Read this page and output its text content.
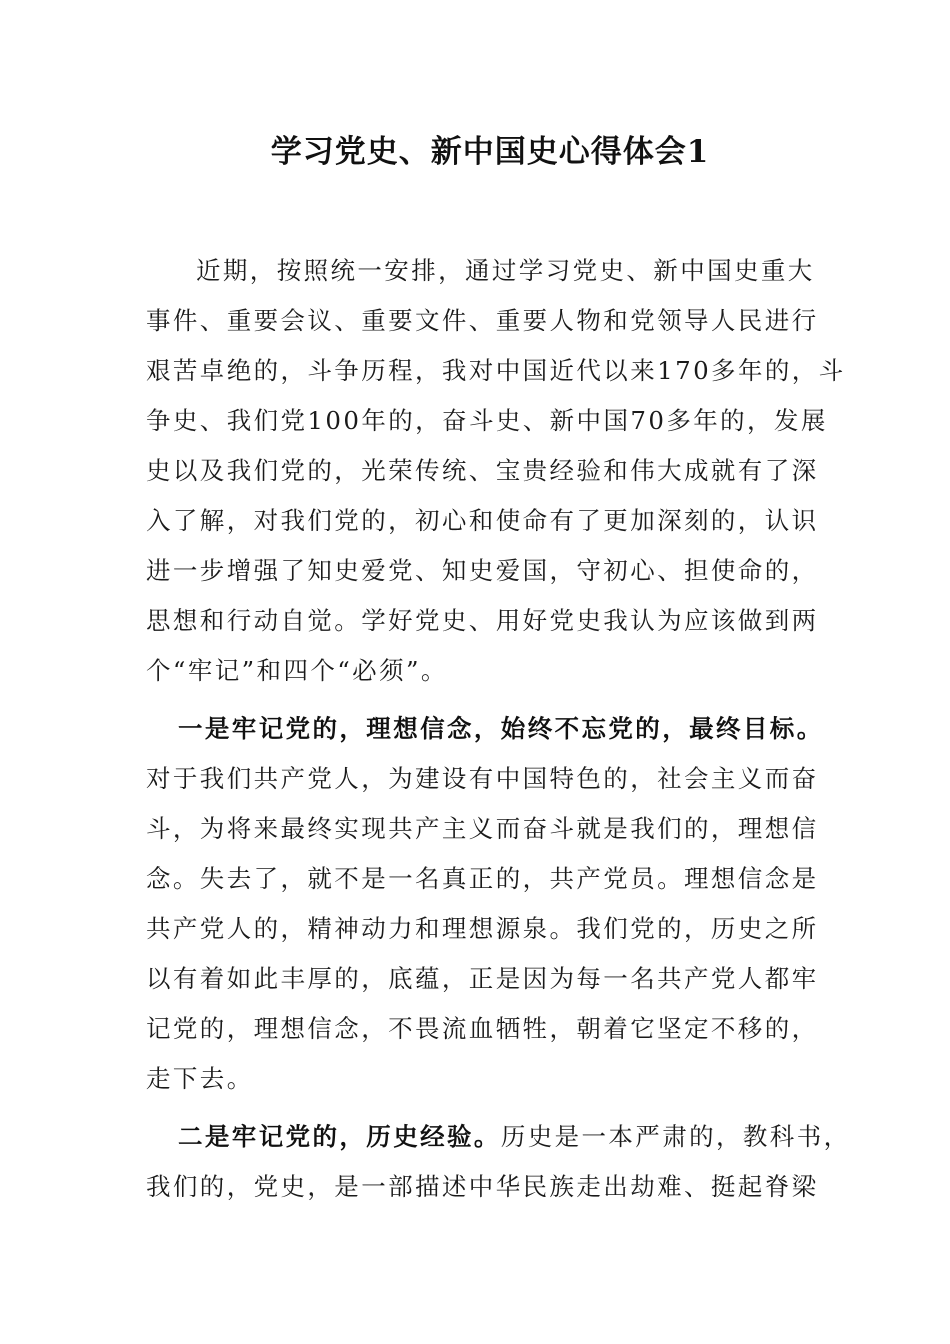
学习党史、新中国史心得体会1
近期，按照统一安排，通过学习党史、新中国史重大
事件、重要会议、重要文件、重要人物和党领导人民进行
艰苦卓绝的，斗争历程，我对中国近代以来170多年的，斗
争史、我们党100年的，奋斗史、新中国70多年的，发展
史以及我们党的，光荣传统、宝贵经验和伟大成就有了深
入了解，对我们党的，初心和使命有了更加深刻的，认识
进一步增强了知史爱党、知史爱国，守初心、担使命的，
思想和行动自觉。学好党史、用好党史我认为应该做到两
个“牢记”和四个“必须”。
一是牢记党的，理想信念，始终不忘党的，最终目标。
对于我们共产党人，为建设有中国特色的，社会主义而奋
斗，为将来最终实现共产主义而奋斗就是我们的，理想信
念。失去了，就不是一名真正的，共产党员。理想信念是
共产党人的，精神动力和理想源泉。我们党的，历史之所
以有着如此丰厚的，底蕴，正是因为每一名共产党人都牢
记党的，理想信念，不畏流血牺牲，朝着它坚定不移的，
走下去。
二是牢记党的，历史经验。历史是一本严肃的，教科书，
我们的，党史，是一部描述中华民族走出劫难、挺起脊梁
